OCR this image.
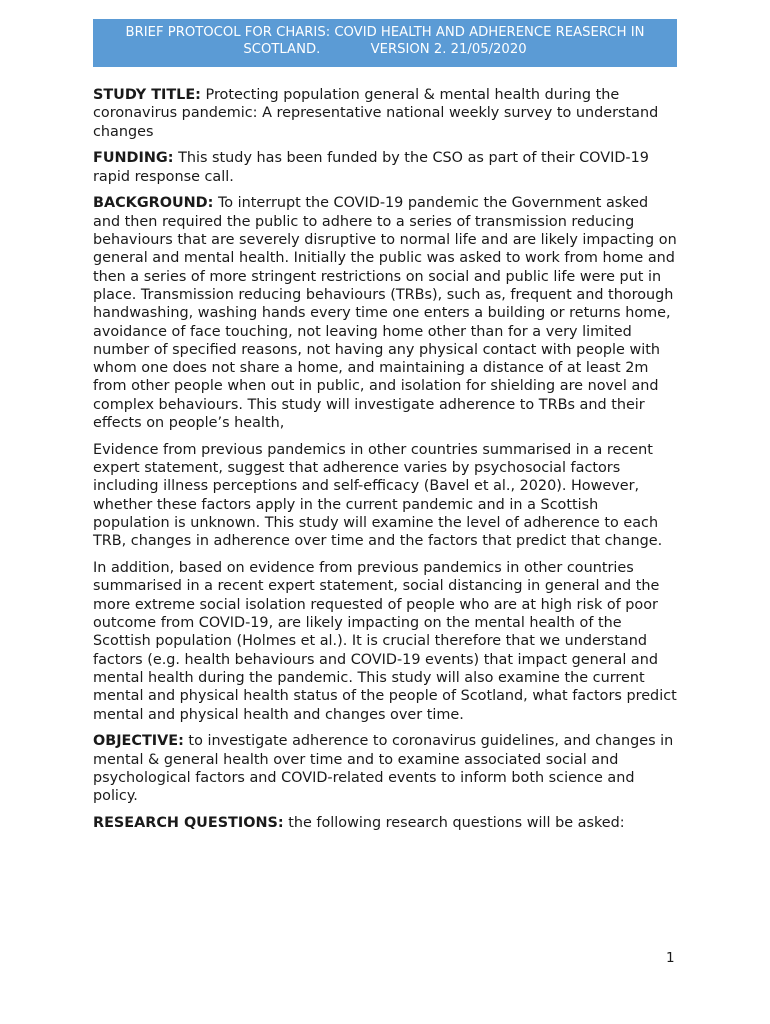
BRIEF PROTOCOL FOR CHARIS: COVID HEALTH AND ADHERENCE REASERCH IN
SCOTLAND.	VERSION 2. 21/05/2020

STUDY TITLE: Protecting population general & mental health during the coronavirus pandemic: A representative national weekly survey to understand changes

FUNDING: This study has been funded by the CSO as part of their COVID-19 rapid response call.

BACKGROUND: To interrupt the COVID-19 pandemic the Government asked and then required the public to adhere to a series of transmission reducing behaviours that are severely disruptive to normal life and are likely impacting on general and mental health. Initially the public was asked to work from home and then a series of more stringent restrictions on social and public life were put in place. Transmission reducing behaviours (TRBs), such as, frequent and thorough handwashing, washing hands every time one enters a building or returns home, avoidance of face touching, not leaving home other than for a very limited number of specified reasons, not having any physical contact with people with whom one does not share a home, and maintaining a distance of at least 2m from other people when out in public, and isolation for shielding are novel and complex behaviours. This study will investigate adherence to TRBs and their effects on people’s health,

Evidence from previous pandemics in other countries summarised in a recent expert statement, suggest that adherence varies by psychosocial factors including illness perceptions and self-efficacy (Bavel et al., 2020). However, whether these factors apply in the current pandemic and in a Scottish population is unknown. This study will examine the level of adherence to each TRB, changes in adherence over time and the factors that predict that change.

In addition, based on evidence from previous pandemics in other countries summarised in a recent expert statement, social distancing in general and the more extreme social isolation requested of people who are at high risk of poor outcome from COVID-19, are likely impacting on the mental health of the Scottish population (Holmes et al.). It is crucial therefore that we understand factors (e.g. health behaviours and COVID-19 events) that impact general and mental health during the pandemic. This study will also examine the current mental and physical health status of the people of Scotland, what factors predict mental and physical health and changes over time.

OBJECTIVE: to investigate adherence to coronavirus guidelines, and changes in mental & general health over time and to examine associated social and psychological factors and COVID-related events to inform both science and policy.

RESEARCH QUESTIONS: the following research questions will be asked:

1
